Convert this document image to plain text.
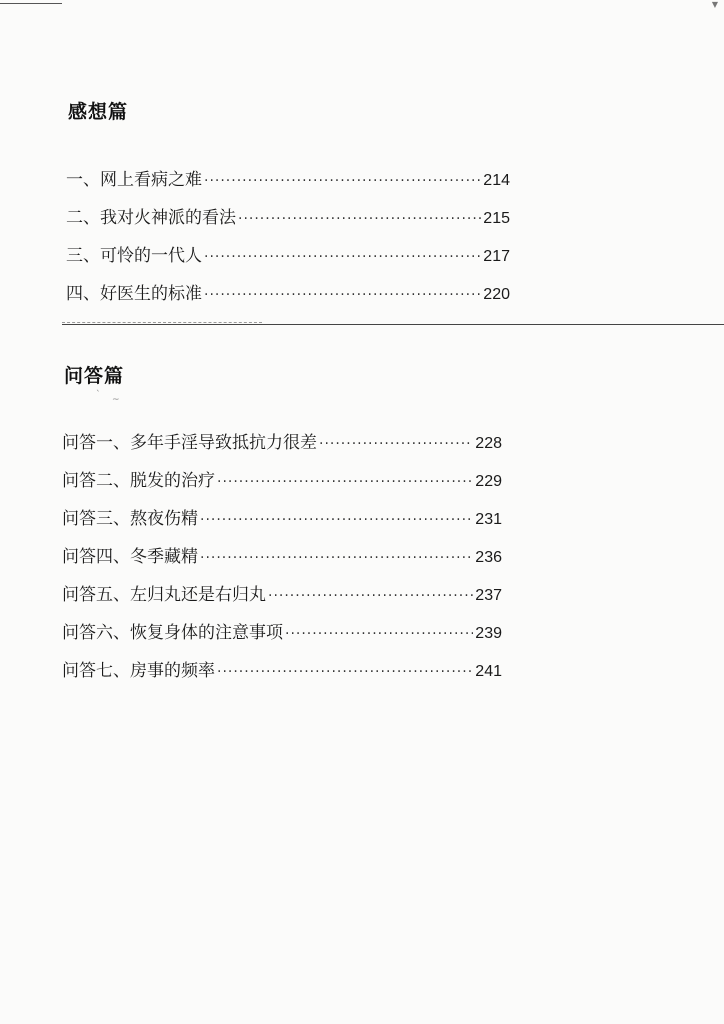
▼
感想篇
一、网上看病之难 ·····	214
二、我对火神派的看法 ·····	215
三、可怜的一代人 ·····	217
四、好医生的标准 ·····	220
问答篇
ˋ ~
问答一、多年手淫导致抵抗力很差 ·····	228
问答二、脱发的治疗 ·····	229
问答三、熬夜伤精 ·····	231
问答四、冬季藏精 ·····	236
问答五、左归丸还是右归丸 ·····	237
问答六、恢复身体的注意事项 ·····	239
问答七、房事的频率 ·····	241
